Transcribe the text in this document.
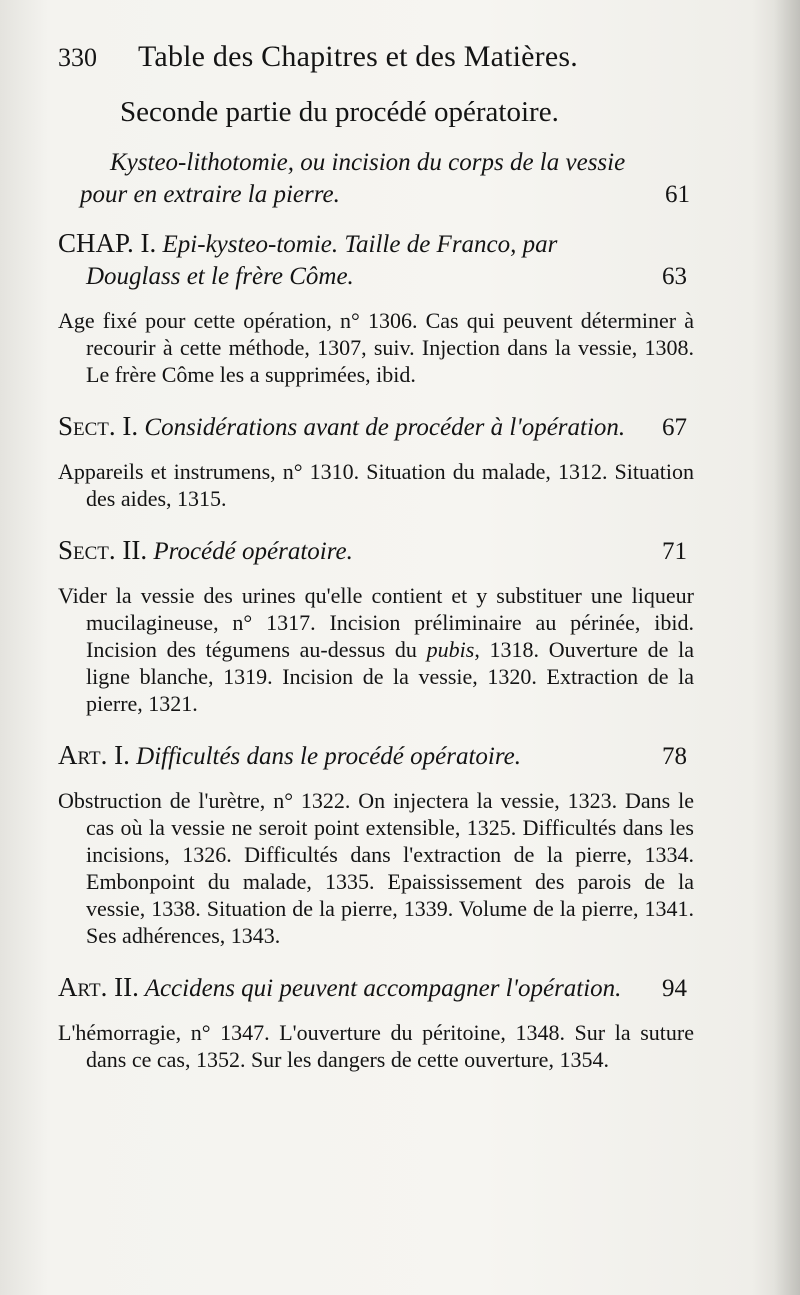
330	Table des Chapitres et des Matières.
Seconde partie du procédé opératoire.
Kysteo-lithotomie, ou incision du corps de la vessie pour en extraire la pierre.	61
CHAP. I. Epi-kysteo-tomie. Taille de Franco, par Douglass et le frère Côme.	63
Age fixé pour cette opération, n° 1306. Cas qui peuvent déterminer à recourir à cette méthode, 1307, suiv. Injection dans la vessie, 1308. Le frère Côme les a supprimées, ibid.
Sect. I. Considérations avant de procéder à l'opération. 67
Appareils et instrumens, n° 1310. Situation du malade, 1312. Situation des aides, 1315.
Sect. II. Procédé opératoire.	71
Vider la vessie des urines qu'elle contient et y substituer une liqueur mucilagineuse, n° 1317. Incision préliminaire au périnée, ibid. Incision des tégumens au-dessus du pubis, 1318. Ouverture de la ligne blanche, 1319. Incision de la vessie, 1320. Extraction de la pierre, 1321.
Art. I. Difficultés dans le procédé opératoire.	78
Obstruction de l'urètre, n° 1322. On injectera la vessie, 1323. Dans le cas où la vessie ne seroit point extensible, 1325. Difficultés dans les incisions, 1326. Difficultés dans l'extraction de la pierre, 1334. Embonpoint du malade, 1335. Epaississement des parois de la vessie, 1338. Situation de la pierre, 1339. Volume de la pierre, 1341. Ses adhérences, 1343.
Art. II. Accidens qui peuvent accompagner l'opération. 94
L'hémorragie, n° 1347. L'ouverture du péritoine, 1348. Sur la suture dans ce cas, 1352. Sur les dangers de cette ouverture, 1354.
